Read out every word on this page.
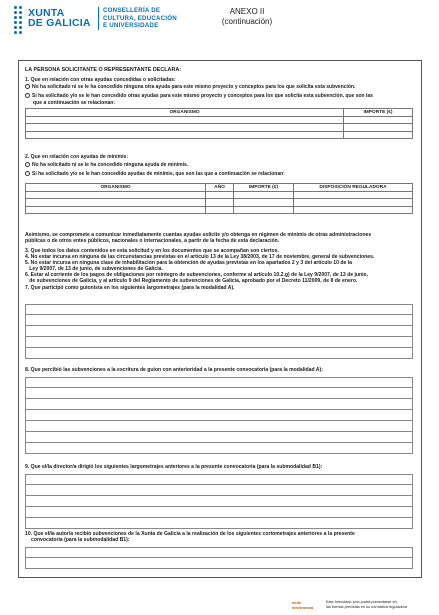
XUNTA
DE GALICIA
CONSELLERÍA DE
CULTURA, EDUCACIÓN
E UNIVERSIDADE
ANEXO II
(continuación)
LA PERSONA SOLICITANTE O REPRESENTANTE DECLARA:
1. Que en relación con otras ayudas concedidas o solicitadas:
No ha solicitado ni se le ha concedido ninguna otra ayuda para este mismo proyecto y conceptos para los que solicita esta subvención.
Sí ha solicitado y/o se le han concedido otras ayudas para este mismo proyecto y conceptos para los que solicita esta subvención, que son las
que a continuación se relacionan:
ORGANISMO	IMPORTE (€)

2. Que en relación con ayudas de minimis:
No ha solicitado ni se le ha concedido ninguna ayuda de minimis.
Sí ha solicitado y/o se le han concedido ayudas de minimis, que son las que a continuación se relacionan:
ORGANISMO	AÑO	IMPORTE (€)	DISPOSICIÓN REGULADORA

Asimismo, se compromete a comunicar inmediatamente cuantas ayudas solicite y/o obtenga en régimen de minimis de otras administraciones
públicas o de otros entes públicos, nacionales o internacionales, a partir de la fecha de esta declaración.
3. Que todos los datos contenidos en esta solicitud y en los documentos que se acompañan son ciertos.
4. No estar incursa en ninguna de las circunstancias previstas en el artículo 13 de la Ley 38/2003, de 17 de noviembre, general de subvenciones.
5. No estar incursa en ninguna clase de inhabilitación para la obtención de ayudas previstas en los apartados 2 y 3 del artículo 10 de la
Ley 9/2007, de 13 de junio, de subvenciones de Galicia.
6. Estar al corriente de los pagos de obligaciones por reintegro de subvenciones, conforme al artículo 10.2.g) de la Ley 9/2007, de 13 de junio,
de subvenciones de Galicia, y al artículo 9 del Reglamento de subvenciones de Galicia, aprobado por el Decreto 11/2009, de 8 de enero.
7. Que participó como guionista en los siguientes largometrajes (para la modalidad A).
8. Que percibió las subvenciones a la escritura de guion con anterioridad a la presente convocatoria (para la modalidad A):
9. Que el/la director/a dirigió los siguientes largometrajes anteriores a la presente convocatoria (para la submodalidad B1):
10. Que el/la autor/a recibió subvenciones de la Xunta de Galicia a la realización de los siguientes cortometrajes anteriores a la presente
convocatoria (para la submodalidad B1):
sede electrónica
Este formulario sólo podrá presentarse en
las formas previstas en su normativa reguladora
